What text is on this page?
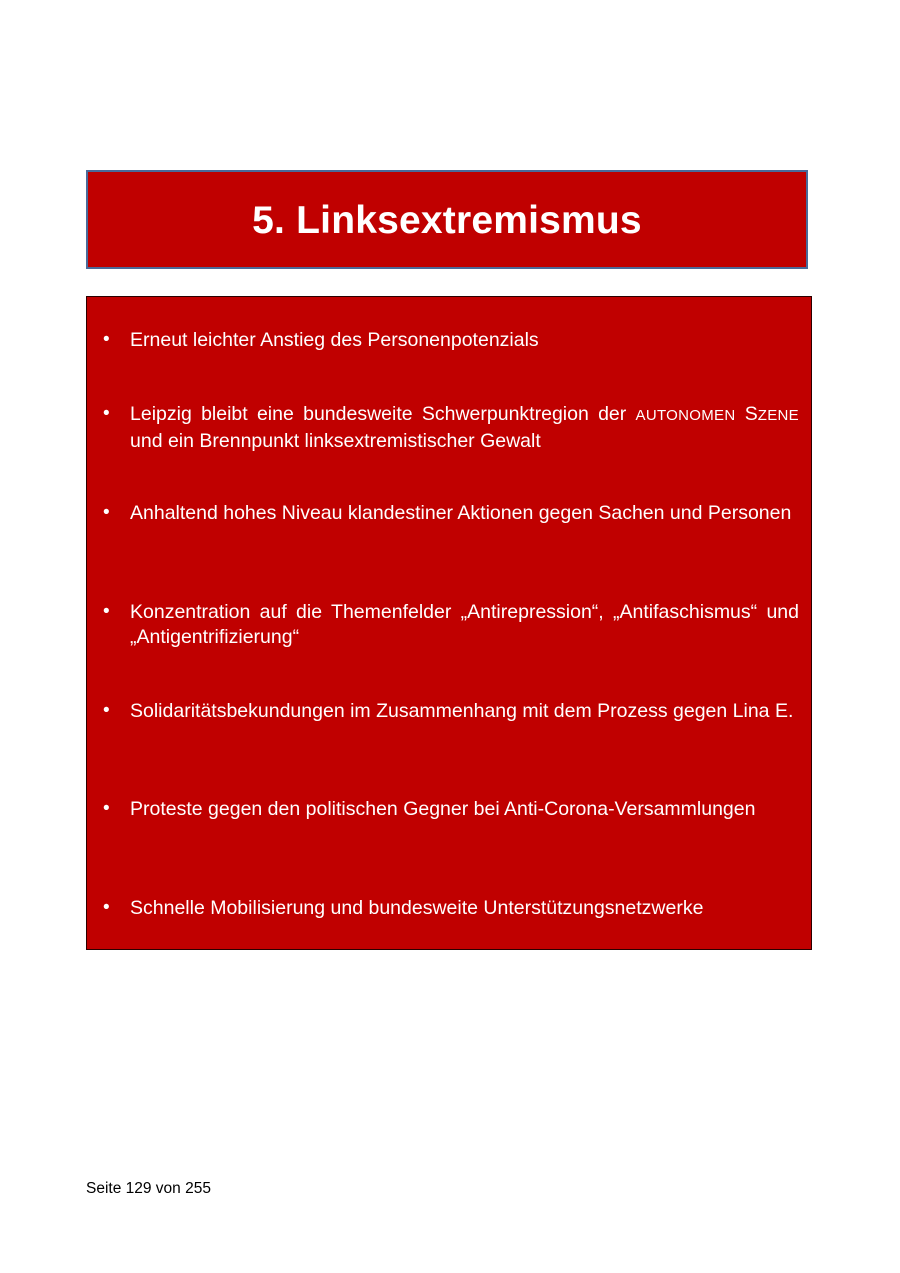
5. Linksextremismus
• Erneut leichter Anstieg des Personenpotenzials

• Leipzig bleibt eine bundesweite Schwerpunktregion der AUTONOMEN SZENE und ein Brennpunkt linksextremistischer Gewalt

• Anhaltend hohes Niveau klandestiner Aktionen gegen Sachen und Personen

• Konzentration auf die Themenfelder „Antirepression“, „Antifaschismus“ und „Antigentrifizierung“

• Solidaritätsbekundungen im Zusammenhang mit dem Prozess gegen Lina E.

• Proteste gegen den politischen Gegner bei Anti-Corona-Versammlungen

• Schnelle Mobilisierung und bundesweite Unterstützungsnetzwerke

Seite 129 von 255
